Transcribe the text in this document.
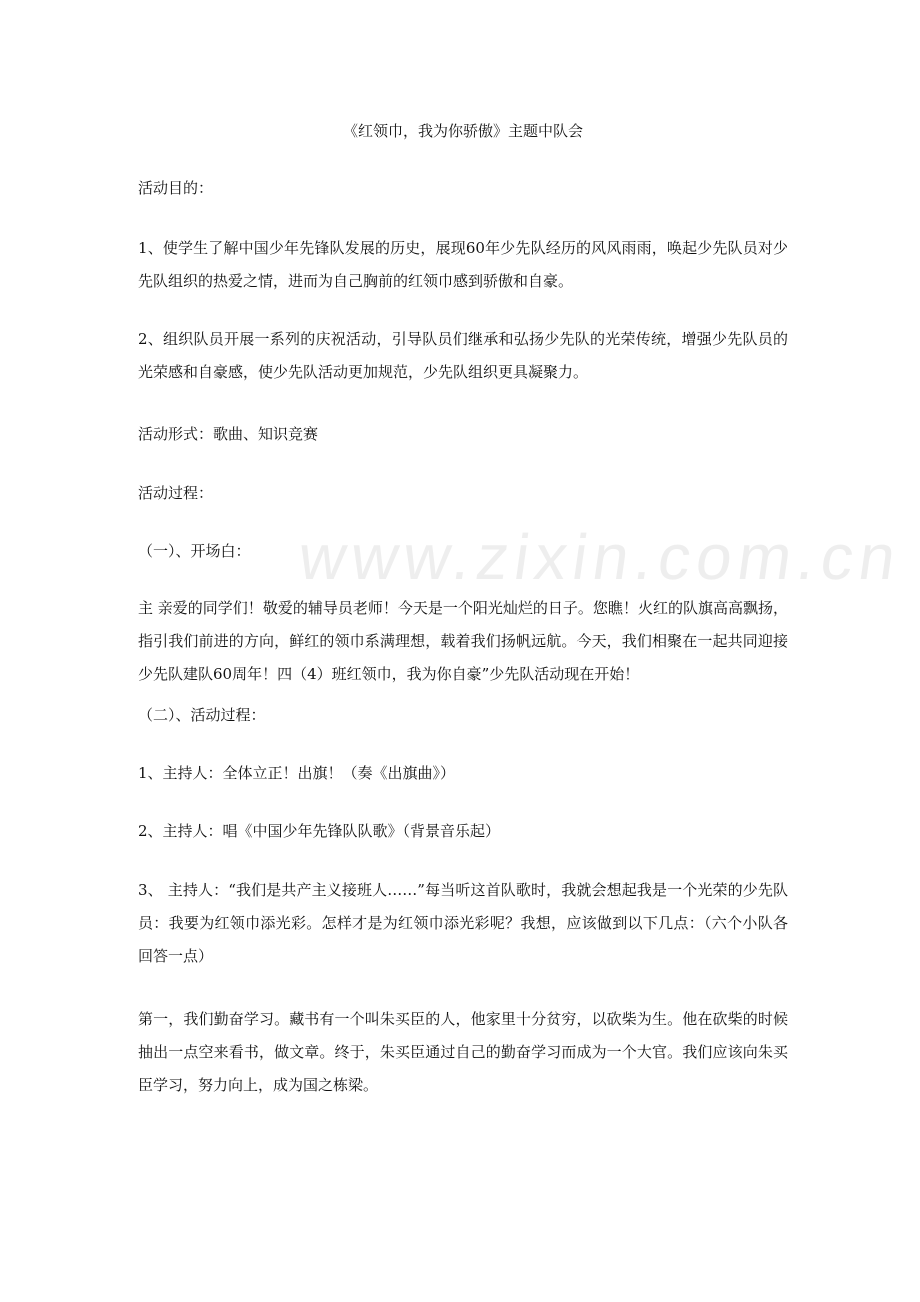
www.zixin.com.cn

《红领巾，我为你骄傲》主题中队会

活动目的：

1、使学生了解中国少年先锋队发展的历史，展现60年少先队经历的风风雨雨，唤起少先队员对少先队组织的热爱之情，进而为自己胸前的红领巾感到骄傲和自豪。

2、组织队员开展一系列的庆祝活动，引导队员们继承和弘扬少先队的光荣传统，增强少先队员的光荣感和自豪感，使少先队活动更加规范，少先队组织更具凝聚力。

活动形式：歌曲、知识竞赛

活动过程：

（一）、开场白：

主 亲爱的同学们！敬爱的辅导员老师！今天是一个阳光灿烂的日子。您瞧！火红的队旗高高飘扬，指引我们前进的方向，鲜红的领巾系满理想，载着我们扬帆远航。今天，我们相聚在一起共同迎接少先队建队60周年！四（4）班红领巾，我为你自豪”少先队活动现在开始！

（二）、活动过程：

1、主持人：全体立正！出旗！（奏《出旗曲》）

2、主持人：唱《中国少年先锋队队歌》（背景音乐起）

3、 主持人：“我们是共产主义接班人……”每当听这首队歌时，我就会想起我是一个光荣的少先队员：我要为红领巾添光彩。怎样才是为红领巾添光彩呢？我想，应该做到以下几点：（六个小队各回答一点）

第一，我们勤奋学习。藏书有一个叫朱买臣的人，他家里十分贫穷，以砍柴为生。他在砍柴的时候抽出一点空来看书，做文章。终于，朱买臣通过自己的勤奋学习而成为一个大官。我们应该向朱买臣学习，努力向上，成为国之栋梁。
